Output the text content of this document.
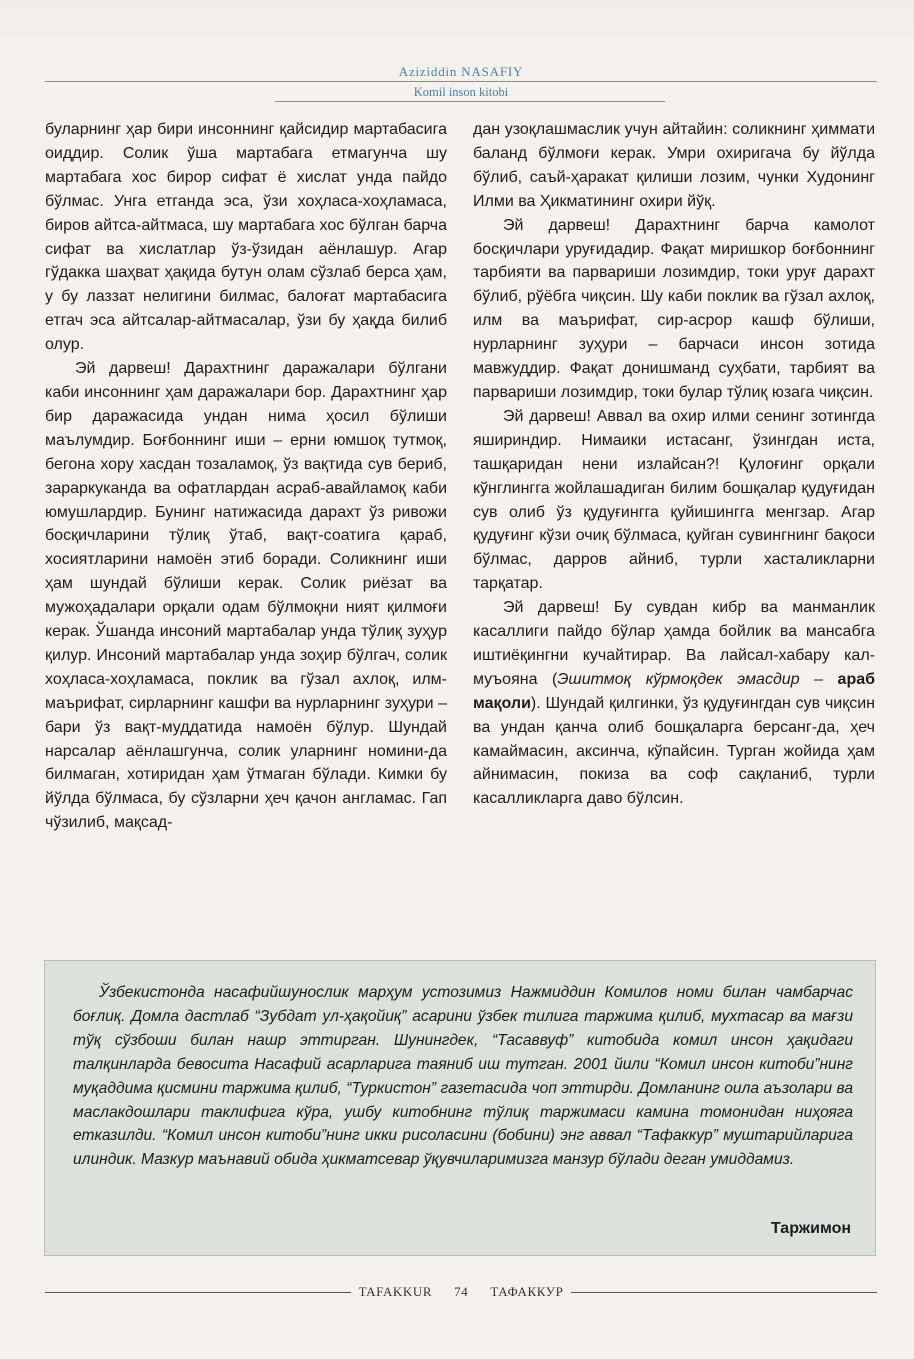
Aziziddin NASAFIY
Komil inson kitobi

буларнинг ҳар бири инсоннинг қайсидир мартабасига оиддир. Солик ўша мартабага етмагунча шу мартабага хос бирор сифат ё хислат унда пайдо бўлмас. Унга етганда эса, ўзи хоҳласа-хоҳламаса, биров айтса-айтмаса, шу мартабага хос бўлган барча сифат ва хислатлар ўз-ўзидан аёнлашур. Агар гўдакка шаҳват ҳақида бутун олам сўзлаб берса ҳам, у бу лаззат нелигини билмас, балоғат мартабасига етгач эса айтсалар-айтмасалар, ўзи бу ҳақда билиб олур.

Эй дарвеш! Дарахтнинг даражалари бўлгани каби инсоннинг ҳам даражалари бор. Дарахтнинг ҳар бир даражасида ундан нима ҳосил бўлиши маълумдир. Боғбоннинг иши – ерни юмшоқ тутмоқ, бегона хору хасдан тозаламоқ, ўз вақтида сув бериб, зараркуканда ва офатлардан асраб-авайламоқ каби юмушлардир. Бунинг натижасида дарахт ўз ривожи босқичларини тўлиқ ўтаб, вақт-соатига қараб, хосиятларини намоён этиб боради. Соликнинг иши ҳам шундай бўлиши керак. Солик риёзат ва мужоҳадалари орқали одам бўлмоқни ният қилмоғи керак. Ўшанда инсоний мартабалар унда тўлиқ зуҳур қилур. Инсоний мартабалар унда зоҳир бўлгач, солик хоҳласа-хоҳламаса, поклик ва гўзал ахлоқ, илм-маърифат, сирларнинг кашфи ва нурларнинг зуҳури – бари ўз вақт-муддатида намоён бўлур. Шундай нарсалар аёнлашгунча, солик уларнинг номини-да билмаган, хотиридан ҳам ўтмаган бўлади. Кимки бу йўлда бўлмаса, бу сўзларни ҳеч қачон англамас. Гап чўзилиб, мақсад-

дан узоқлашмаслик учун айтайин: соликнинг ҳиммати баланд бўлмоғи керак. Умри охиригача бу йўлда бўлиб, саъй-ҳаракат қилиши лозим, чунки Худонинг Илми ва Ҳикматининг охири йўқ.

Эй дарвеш! Дарахтнинг барча камолот босқичлари уруғидадир. Фақат миришкор боғбоннинг тарбияти ва парвариши лозимдир, токи уруғ дарахт бўлиб, рўёбга чиқсин. Шу каби поклик ва гўзал ахлоқ, илм ва маърифат, сир-асрор кашф бўлиши, нурларнинг зуҳури – барчаси инсон зотида мавжуддир. Фақат донишманд суҳбати, тарбият ва парвариши лозимдир, токи булар тўлиқ юзага чиқсин.

Эй дарвеш! Аввал ва охир илми сенинг зотингда яшириндир. Нимаики истасанг, ўзингдан иста, ташқаридан нени излайсан?! Қулоғинг орқали кўнглингга жойлашадиган билим бошқалар қудуғидан сув олиб ўз қудуғингга қуйишингга менгзар. Агар қудуғинг кўзи очиқ бўлмаса, қуйган сувингнинг бақоси бўлмас, дарров айниб, турли хасталикларни тарқатар.

Эй дарвеш! Бу сувдан кибр ва манманлик касаллиги пайдо бўлар ҳамда бойлик ва мансабга иштиёқингни кучайтирар. Ва лайсал-хабару кал-муъояна (Эшитмоқ кўрмоқдек эмасдир – араб мақоли). Шундай қилгинки, ўз қудуғингдан сув чиқсин ва ундан қанча олиб бошқаларга берсанг-да, ҳеч камаймасин, аксинча, кўпайсин. Турган жойида ҳам айнимасин, покиза ва соф сақланиб, турли касалликларга даво бўлсин.

Ўзбекистонда насафийшунослик марҳум устозимиз Нажмиддин Комилов номи билан чамбарчас боғлиқ. Домла дастлаб “Зубдат ул-ҳақойиқ” асарини ўзбек тилига таржима қилиб, мухтасар ва мағзи тўқ сўзбоши билан нашр эттирган. Шунингдек, “Тасаввуф” китобида комил инсон ҳақидаги талқинларда бевосита Насафий асарларига таяниб иш тутган. 2001 йили “Комил инсон китоби”нинг муқаддима қисмини таржима қилиб, “Туркистон” газетасида чоп эттирди. Домланинг оила аъзолари ва маслакдошлари таклифига кўра, ушбу китобнинг тўлиқ таржимаси камина томонидан ниҳояга етказилди. “Комил инсон китоби”нинг икки рисоласини (бобини) энг аввал “Тафаккур” муштарийларига илиндик. Мазкур маънавий обида ҳикматсевар ўқувчиларимизга манзур бўлади деган умиддамиз.

Таржимон
TAFAKKUR	74	ТАФАККУР
